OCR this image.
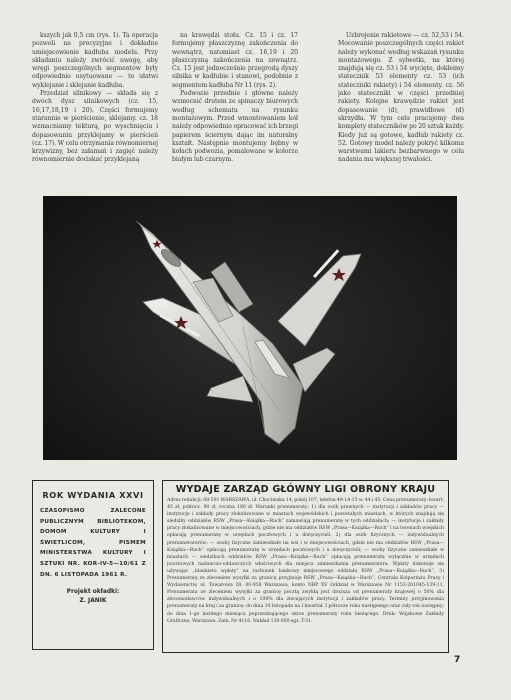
kszych jak 0,5 cm (rys. 1). Ta operacja pozwoli na precyzyjne i dokładne umiejscowienie kadłuba modelu. Przy składaniu należy zwrócić uwagę, aby wręgi poszczególnych segmentów były odpowiednio usytuowane — to ułatwi wyklejanie i sklejanie kadłuba.

Przedział silnikowy — składa się z dwóch dysz silnikowych (cz. 15, 16,17,18,19 i 20). Części formujemy starannie w pierścienie, sklejamy. cz. 18 wzmacniamy tekturą, po wyschnięciu i dopasowaniu przyklejamy w pierścień (cz. 17). W celu otrzymania równomiernej krzywizny, bez załamań i zagięć należy równomiernie dociskać przyklejaną

na krawędzi stołu. Cz. 15 i cz. 17 formujemy płaszczyznę zakończenia do wewnątrz, natomiast cz. 16,19 i 20 płaszczyzną zakończenia na zewnątrz. Cz. 15 jest jednocześnie przegrodą dyszy silnika w kadłubie i stanowi, podobnie z segmentem kadłuba Nr 11 (rys. 2).

Podwozie przednie i główne należy wzmocnić drutem ze spinaczy biurowych według schematu na rysunku montażowym. Przed wmontowaniem kół należy odpowiednio opracować ich brzegi papierem ściernym dając im naturalny kształt. Następnie montujemy bębny w kołach podwozia, pomalowane w kolorze białym lub czarnym.

Uzbrojenie rakietowe — cz. 52,53 i 54. Mocowanie poszczególnych części rakiet należy wykonać według wskazań rysunku montażowego. Z sylwetki, na której znajdują się cz. 53 i 54 wycięte, dokleimy statecznik 53 elementy cz. 53 (ich stateczniki rakiety) i 54 elementy. cz. 56 jako stateczniki w części przedniej rakiety. Kolejne krawędzie rakiet jest dopasowanie (d), prawidłowe (d) skrzydła. W tym celu pracujemy dwa komplety stateczników po 20 sztuk każdy. Kiedy już są gotowe, kadłub rakiety cz. 52. Gotowy model należy pokryć kilkoma warstwami lakieru bezbarwnego w celu nadania mu większej trwałości.

ROK WYDANIA XXVI
CZASOPISMO ZALECONE PUBLICZNYM BIBLIOTEKOM, DOMOM KULTURY I ŚWIETLICOM, PISMEM MINISTERSTWA KULTURY I SZTUKI NR. KOR-IV-5—10/61 Z DN. 6 LISTOPADA 1961 R.
Projekt okładki:
Z. JANIK
WYDAJE ZARZĄD GŁÓWNY LIGI OBRONY KRAJU
Adres redakcji: 00-591 WARSZAWA, ul. Chocimska 14, pokój 107, telefon 49-14-15 w. 44 i 45. Cena prenumeraty: kwart. 45 zł, półrocz. 90 zł, roczna 180 zł. Warunki prenumeraty: 1) dla osób prawnych — instytucji i zakładów pracy — instytucje i zakłady pracy zlokalizowane w miastach wojewódzkich i pozostałych miastach, w których znajdują się siedziby oddziałów RSW „Prasa—Książka—Ruch” zamawiają prenumeratę w tych oddziałach; — instytucje i zakłady pracy zlokalizowane w miejscowościach, gdzie nie ma oddziałów RSW „Prasa—Książka—Ruch” i na terenach wiejskich opłacają prenumeratę w urzędach pocztowych i u doręczycieli. 2) dla osób fizycznych — indywidualnych prenumeratorów: — osoby fizyczne zamieszkałe na wsi i w miejscowościach, gdzie nie ma oddziałów RSW „Prasa—Książka—Ruch” opłacają prenumeratę w urzędach pocztowych i u doręczycieli; — osoby fizyczne zamieszkałe w miastach — siedzibach oddziałów RSW „Prasa—Książka—Ruch” opłacają prenumeratę wyłącznie w urzędach pocztowych nadawczo-oddawczych właściwych dla miejsca zamieszkania prenumeratora. Wpłaty dokonuje się używając „blankietu wpłaty” na rachunek bankowy miejscowego oddziału RSW „Prasa—Książka—Ruch”. 3) Prenumeratę ze zleceniem wysyłki za granicę przyjmuje RSW „Prasa—Książka—Ruch”, Centrala Kolportażu Prasy i Wydawnictw, ul. Towarowa 28, 00-958 Warszawa, konto NBP XV Oddział w Warszawie Nr 1153-201045-139-11. Prenumerata ze zleceniem wysyłki za granicę pocztą zwykłą jest droższa od prenumeraty krajowej o 50% dla zleceniodawców indywidualnych i o 100% dla zlecających instytucji i zakładów pracy. Terminy przyjmowania prenumeraty na kraj i za granicę: do dnia 10 listopada na I kwartał, I półrocze roku następnego oraz cały rok następny; do dnia 1-go każdego miesiąca poprzedzającego okres prenumeraty roku bieżącego. Druk: Wojskowe Zakłady Graficzne, Warszawa. Zam. Nr 4116. Nakład 130 000 egz. T-31.
7
